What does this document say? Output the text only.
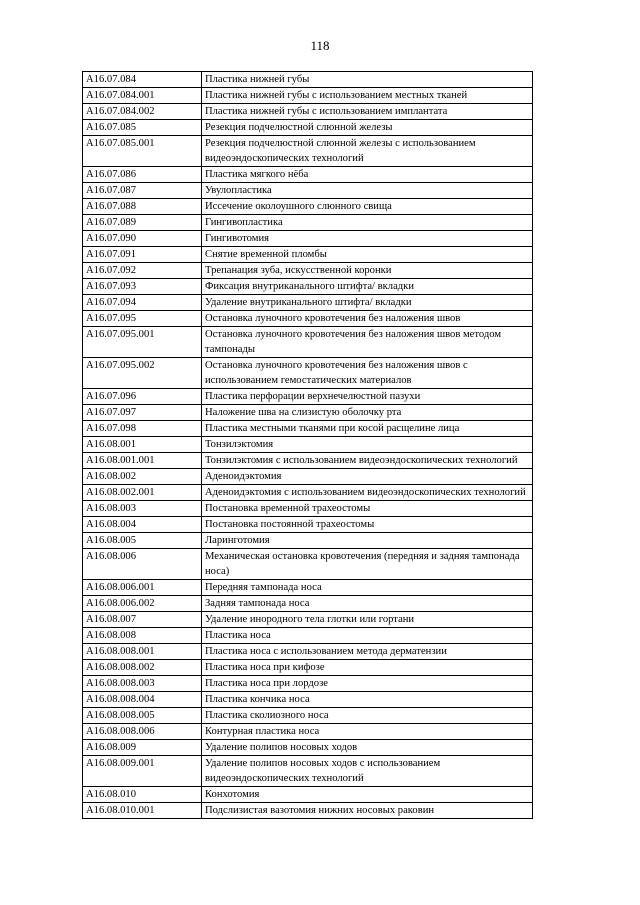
118
A16.07.084	Пластика нижней губы
A16.07.084.001	Пластика нижней губы с использованием местных тканей
A16.07.084.002	Пластика нижней губы с использованием имплантата
A16.07.085	Резекция подчелюстной слюнной железы
A16.07.085.001	Резекция подчелюстной слюнной железы с использованием видеоэндоскопических технологий
A16.07.086	Пластика мягкого нёба
A16.07.087	Увулопластика
A16.07.088	Иссечение околоушного слюнного свища
A16.07.089	Гингивопластика
A16.07.090	Гингивотомия
A16.07.091	Снятие временной пломбы
A16.07.092	Трепанация зуба, искусственной коронки
A16.07.093	Фиксация внутриканального штифта/ вкладки
A16.07.094	Удаление внутриканального штифта/ вкладки
A16.07.095	Остановка луночного кровотечения без наложения швов
A16.07.095.001	Остановка луночного кровотечения без наложения швов методом тампонады
A16.07.095.002	Остановка луночного кровотечения без наложения швов с использованием гемостатических материалов
A16.07.096	Пластика перфорации верхнечелюстной пазухи
A16.07.097	Наложение шва на слизистую оболочку рта
A16.07.098	Пластика местными тканями при косой расщелине лица
A16.08.001	Тонзилэктомия
A16.08.001.001	Тонзилэктомия с использованием видеоэндоскопических технологий
A16.08.002	Аденоидэктомия
A16.08.002.001	Аденоидэктомия с использованием видеоэндоскопических технологий
A16.08.003	Постановка временной трахеостомы
A16.08.004	Постановка постоянной трахеостомы
A16.08.005	Ларинготомия
A16.08.006	Механическая остановка кровотечения (передняя и задняя тампонада носа)
A16.08.006.001	Передняя тампонада носа
A16.08.006.002	Задняя тампонада носа
A16.08.007	Удаление инородного тела глотки или гортани
A16.08.008	Пластика носа
A16.08.008.001	Пластика носа с использованием метода дерматензии
A16.08.008.002	Пластика носа при кифозе
A16.08.008.003	Пластика носа при лордозе
A16.08.008.004	Пластика кончика носа
A16.08.008.005	Пластика сколиозного носа
A16.08.008.006	Контурная пластика носа
A16.08.009	Удаление полипов носовых ходов
A16.08.009.001	Удаление полипов носовых ходов с использованием видеоэндоскопических технологий
A16.08.010	Конхотомия
A16.08.010.001	Подслизистая вазотомия нижних носовых раковин
